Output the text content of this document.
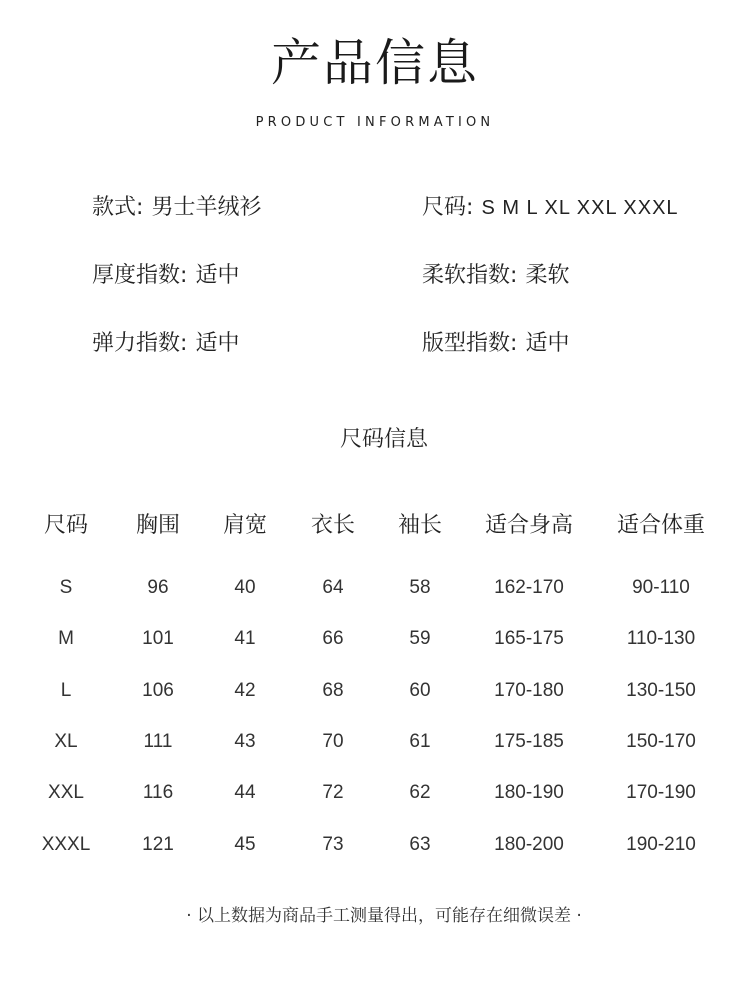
产品信息
PRODUCT INFORMATION
款式: 男士羊绒衫
厚度指数: 适中
弹力指数: 适中
尺码: S M L XL XXL XXXL
柔软指数: 柔软
版型指数: 适中
尺码信息
尺码	胸围	肩宽	衣长	袖长	适合身高	适合体重
S	96	40	64	58	162-170	90-110
M	101	41	66	59	165-175	110-130
L	106	42	68	60	170-180	130-150
XL	111	43	70	61	175-185	150-170
XXL	116	44	72	62	180-190	170-190
XXXL	121	45	73	63	180-200	190-210
· 以上数据为商品手工测量得出，可能存在细微误差 ·
